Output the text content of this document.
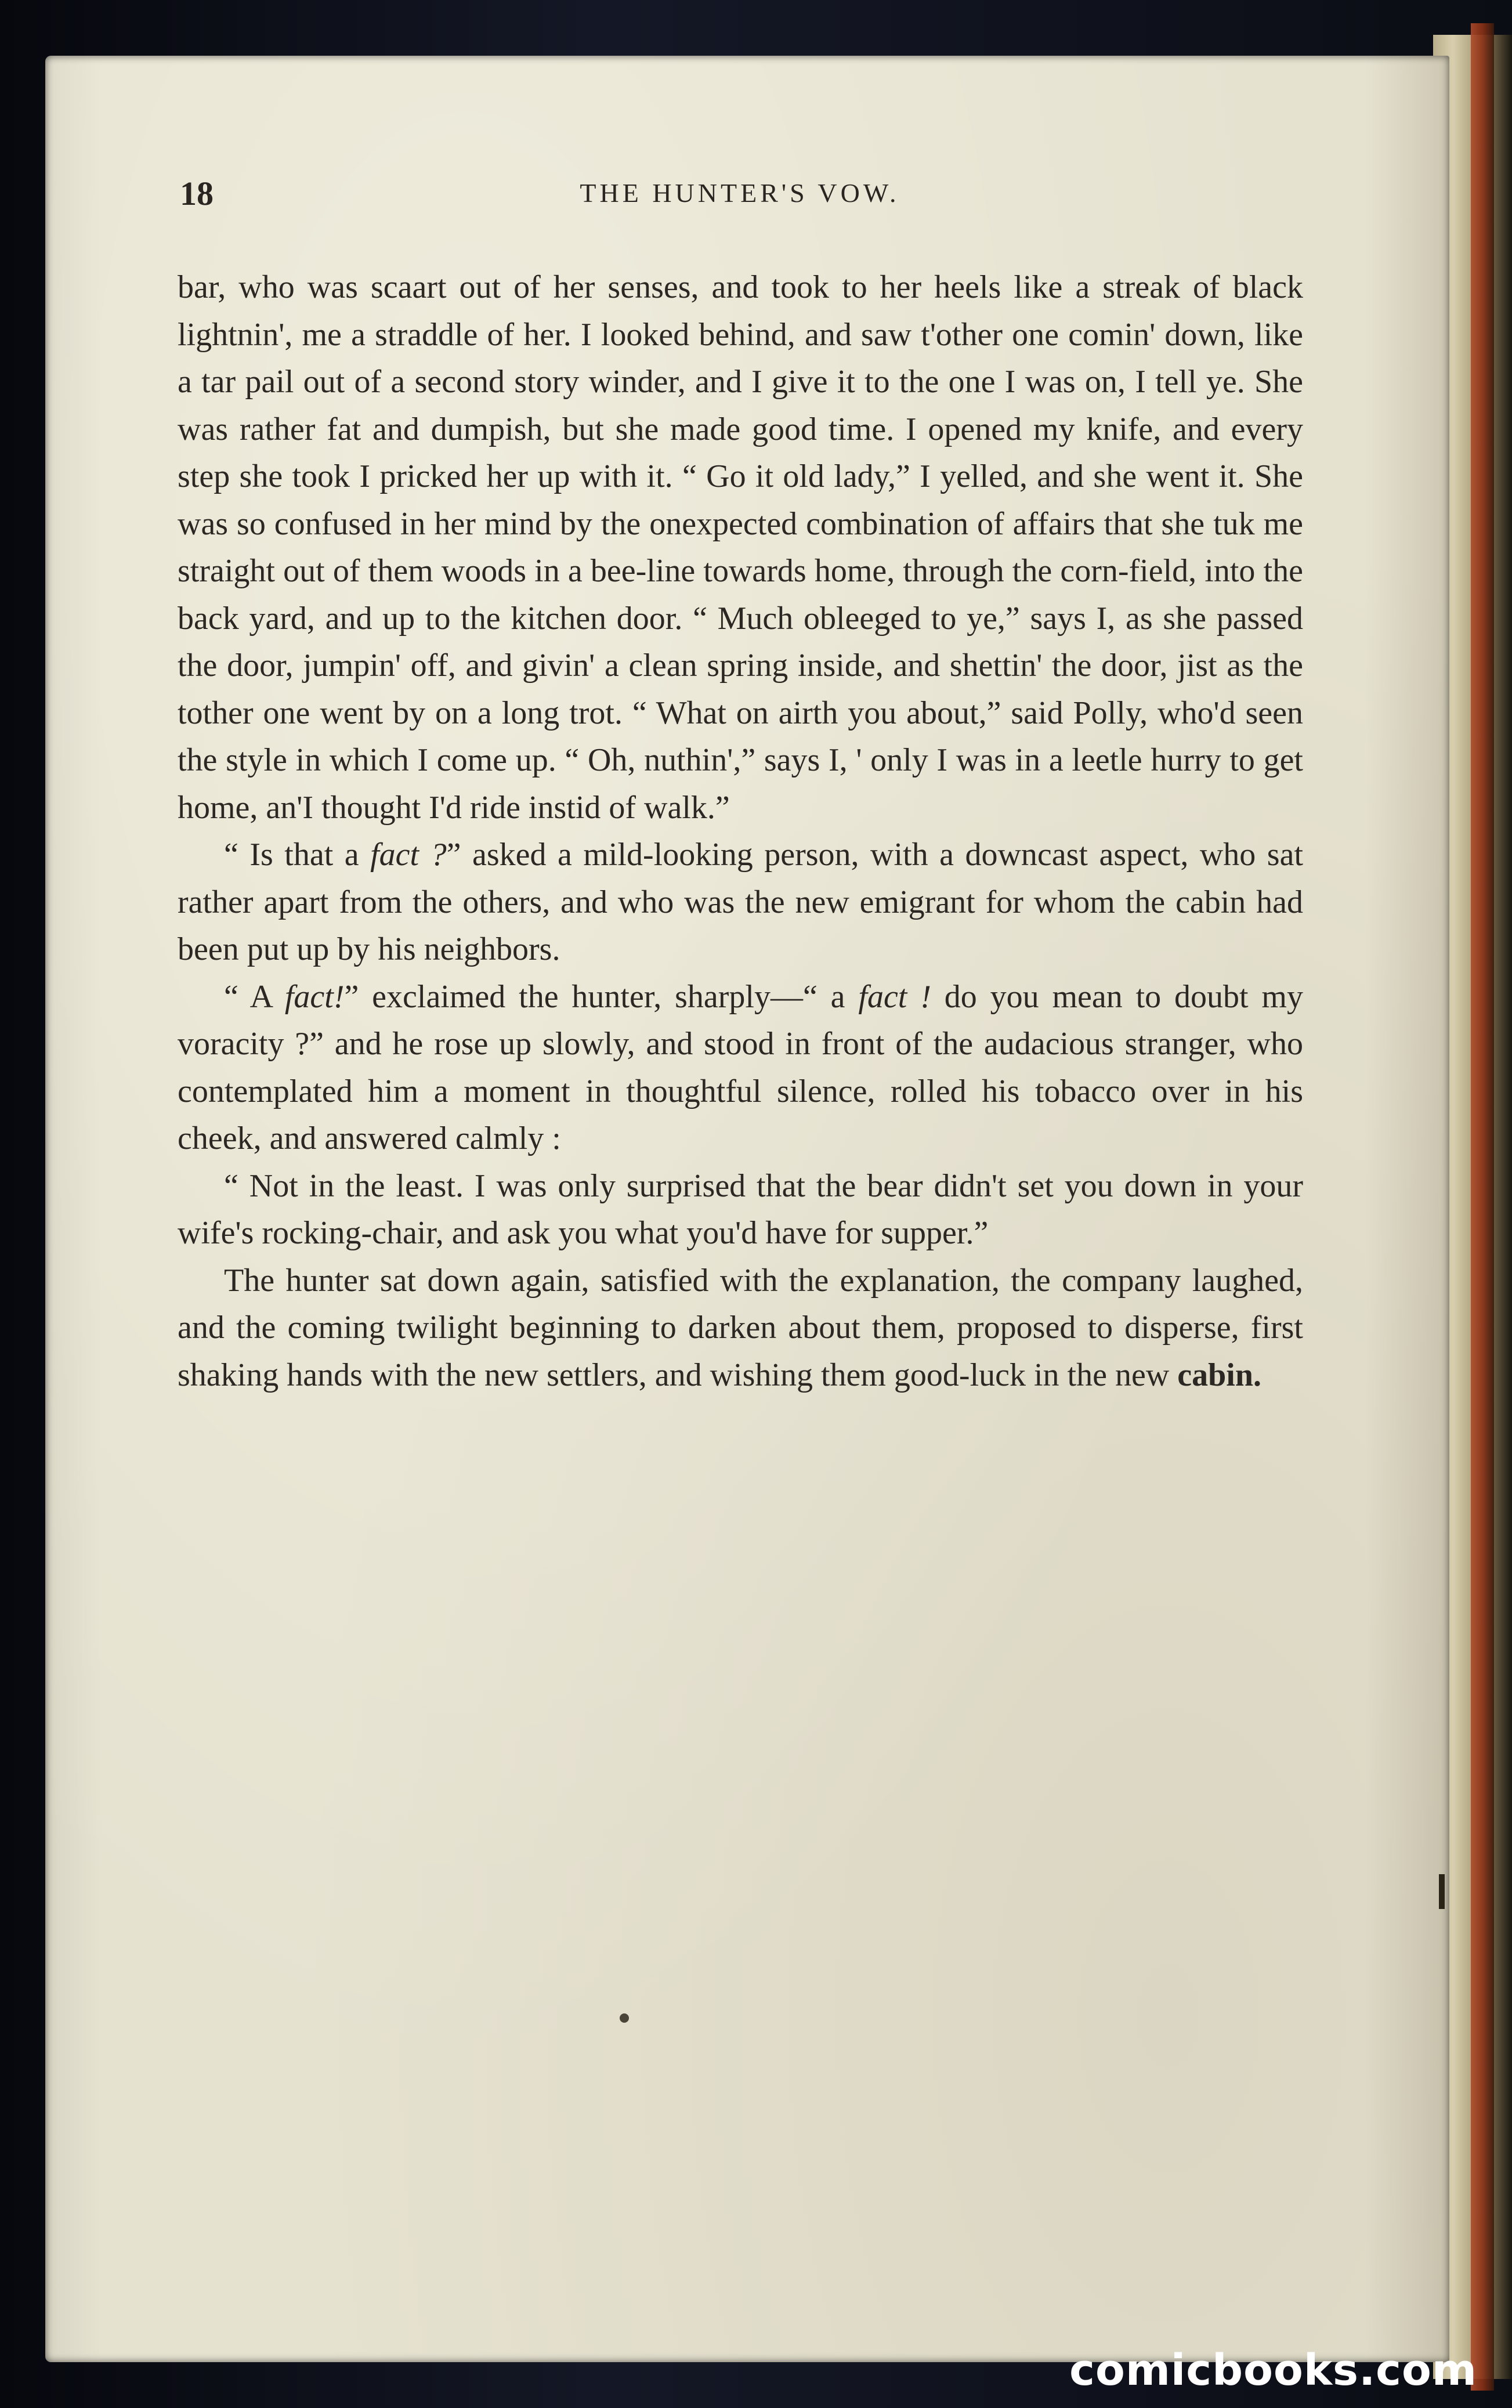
18	THE HUNTER'S VOW.

bar, who was scaart out of her senses, and took to her heels like a streak of black lightnin', me a straddle of her. I looked behind, and saw t'other one comin' down, like a tar pail out of a second story winder, and I give it to the one I was on, I tell ye. She was rather fat and dumpish, but she made good time. I opened my knife, and every step she took I pricked her up with it. “ Go it old lady,” I yelled, and she went it. She was so confused in her mind by the onexpected combination of affairs that she tuk me straight out of them woods in a bee-line towards home, through the corn-field, into the back yard, and up to the kitchen door. “ Much obleeged to ye,” says I, as she passed the door, jumpin' off, and givin' a clean spring inside, and shettin' the door, jist as the tother one went by on a long trot. “ What on airth you about,” said Polly, who'd seen the style in which I come up. “ Oh, nuthin',” says I, ' only I was in a leetle hurry to get home, an'I thought I'd ride instid of walk.”

“ Is that a fact ?” asked a mild-looking person, with a downcast aspect, who sat rather apart from the others, and who was the new emigrant for whom the cabin had been put up by his neighbors.

“ A fact!” exclaimed the hunter, sharply—“ a fact ! do you mean to doubt my voracity ?” and he rose up slowly, and stood in front of the audacious stranger, who contemplated him a moment in thoughtful silence, rolled his tobacco over in his cheek, and answered calmly :

“ Not in the least. I was only surprised that the bear didn't set you down in your wife's rocking-chair, and ask you what you'd have for supper.”

The hunter sat down again, satisfied with the explanation, the company laughed, and the coming twilight beginning to darken about them, proposed to disperse, first shaking hands with the new settlers, and wishing them good-luck in the new cabin.

comicbooks.com
